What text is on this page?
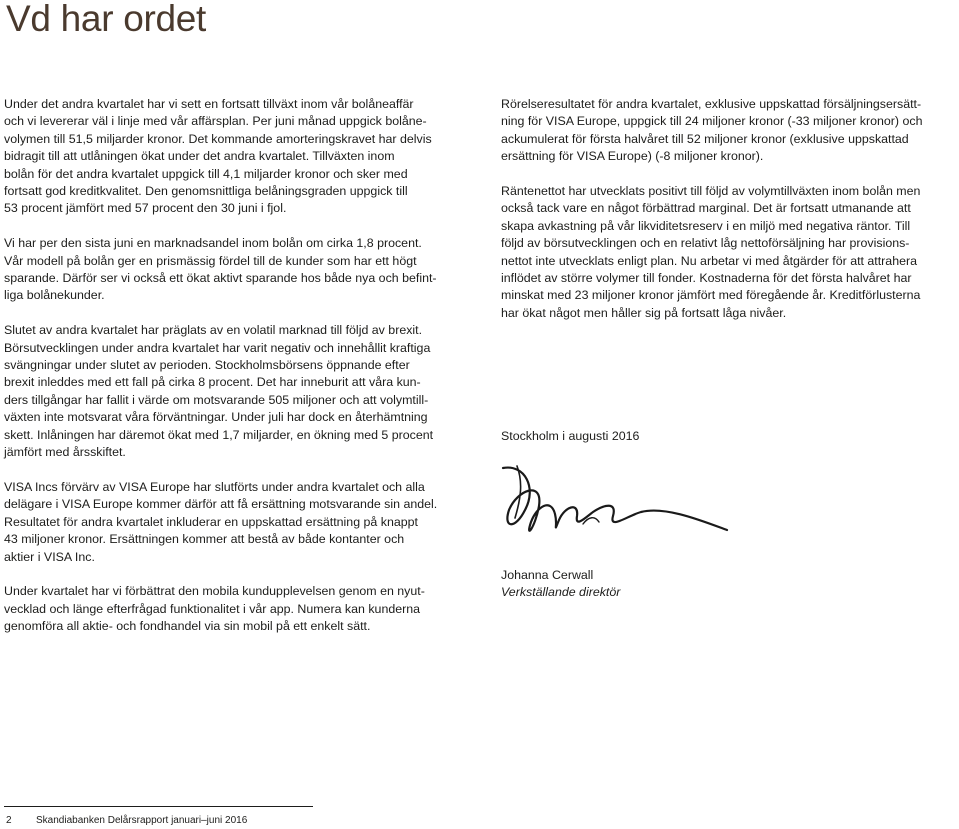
Vd har ordet

Under det andra kvartalet har vi sett en fortsatt tillväxt inom vår bolåneaffär
och vi levererar väl i linje med vår affärsplan. Per juni månad uppgick bolåne-
volymen till 51,5 miljarder kronor. Det kommande amorteringskravet har delvis
bidragit till att utlåningen ökat under det andra kvartalet. Tillväxten inom
bolån för det andra kvartalet uppgick till 4,1 miljarder kronor och sker med
fortsatt god kreditkvalitet. Den genomsnittliga belåningsgraden uppgick till
53 procent jämfört med 57 procent den 30 juni i fjol.

Vi har per den sista juni en marknadsandel inom bolån om cirka 1,8 procent.
Vår modell på bolån ger en prismässig fördel till de kunder som har ett högt
sparande. Därför ser vi också ett ökat aktivt sparande hos både nya och befint-
liga bolånekunder.

Slutet av andra kvartalet har präglats av en volatil marknad till följd av brexit.
Börsutvecklingen under andra kvartalet har varit negativ och innehållit kraftiga
svängningar under slutet av perioden. Stockholmsbörsens öppnande efter
brexit inleddes med ett fall på cirka 8 procent. Det har inneburit att våra kun-
ders tillgångar har fallit i värde om motsvarande 505 miljoner och att volymtill-
växten inte motsvarat våra förväntningar. Under juli har dock en återhämtning
skett. Inlåningen har däremot ökat med 1,7 miljarder, en ökning med 5 procent
jämfört med årsskiftet.

VISA Incs förvärv av VISA Europe har slutförts under andra kvartalet och alla
delägare i VISA Europe kommer därför att få ersättning motsvarande sin andel.
Resultatet för andra kvartalet inkluderar en uppskattad ersättning på knappt
43 miljoner kronor. Ersättningen kommer att bestå av både kontanter och
aktier i VISA Inc.

Under kvartalet har vi förbättrat den mobila kundupplevelsen genom en nyut-
vecklad och länge efterfrågad funktionalitet i vår app. Numera kan kunderna
genomföra all aktie- och fondhandel via sin mobil på ett enkelt sätt.

Rörelseresultatet för andra kvartalet, exklusive uppskattad försäljningsersätt-
ning för VISA Europe, uppgick till 24 miljoner kronor (-33 miljoner kronor) och
ackumulerat för första halvåret till 52 miljoner kronor (exklusive uppskattad
ersättning för VISA Europe) (-8 miljoner kronor).

Räntenettot har utvecklats positivt till följd av volymtillväxten inom bolån men
också tack vare en något förbättrad marginal. Det är fortsatt utmanande att
skapa avkastning på vår likviditetsreserv i en miljö med negativa räntor. Till
följd av börsutvecklingen och en relativt låg nettoförsäljning har provisions-
nettot inte utvecklats enligt plan. Nu arbetar vi med åtgärder för att attrahera
inflödet av större volymer till fonder. Kostnaderna för det första halvåret har
minskat med 23 miljoner kronor jämfört med föregående år. Kreditförlusterna
har ökat något men håller sig på fortsatt låga nivåer.

Stockholm i augusti 2016

Johanna Cerwall
Verkställande direktör
2 Skandiabanken Delårsrapport januari–juni 2016
